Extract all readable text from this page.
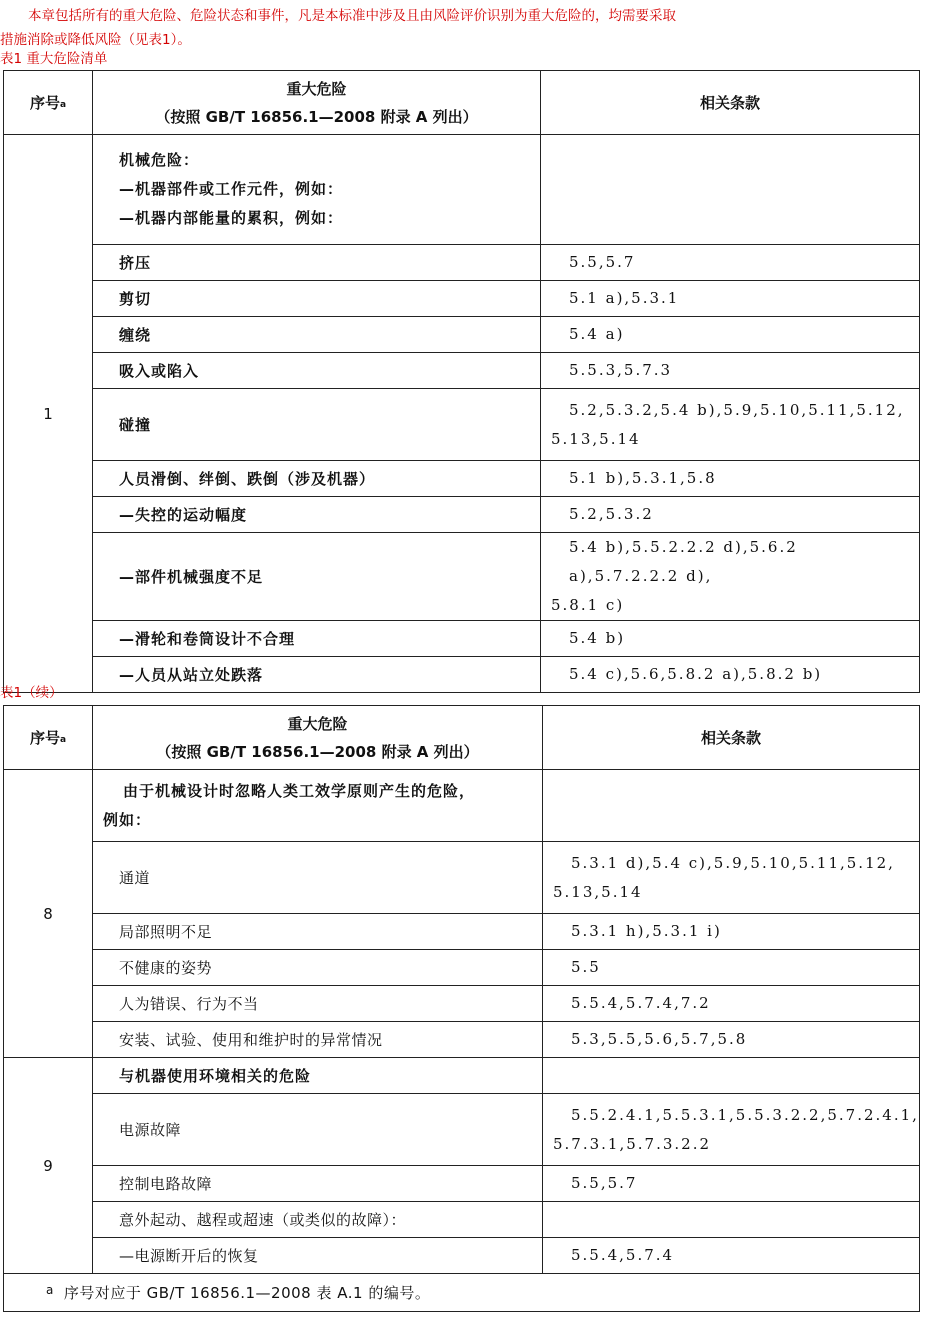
本章包括所有的重大危险、危险状态和事件，凡是本标准中涉及且由风险评价识别为重大危险的，均需要采取

措施消除或降低风险（见表1）。

表1 重大危险清单
序号$^a$	重大危险
（按照 GB/T 16856.1—2008 附录 A 列出）	相关条款
1	机械危险：
—机器部件或工作元件，例如：
—机器内部能量的累积，例如：	

	挤压	5.5,5.7
	剪切	5.1 a),5.3.1
	缠绕	5.4 a)
	吸入或陷入	5.5.3,5.7.3
	碰撞	5.2,5.3.2,5.4 b),5.9,5.10,5.11,5.12,
5.13,5.14

	人员滑倒、绊倒、跌倒（涉及机器）	5.1 b),5.3.1,5.8
	—失控的运动幅度	5.2,5.3.2
	—部件机械强度不足	5.4 b),5.5.2.2.2 d),5.6.2 a),5.7.2.2.2 d),
5.8.1 c)

	—滑轮和卷筒设计不合理	5.4 b)
	—人员从站立处跌落	5.4 c),5.6,5.8.2 a),5.8.2 b)
表1（续）
序号$^a$	重大危险
（按照 GB/T 16856.1—2008 附录 A 列出）	相关条款
8	由于机械设计时忽略人类工效学原则产生的危险，
例如：	

	通道	5.3.1 d),5.4 c),5.9,5.10,5.11,5.12,
5.13,5.14

	局部照明不足	5.3.1 h),5.3.1 i)
	不健康的姿势	5.5
	人为错误、行为不当	5.5.4,5.7.4,7.2
	安装、试验、使用和维护时的异常情况	5.3,5.5,5.6,5.7,5.8
9	与机器使用环境相关的危险	
	电源故障	5.5.2.4.1,5.5.3.1,5.5.3.2.2,5.7.2.4.1,
5.7.3.1,5.7.3.2.2

	控制电路故障	5.5,5.7
	意外起动、越程或超速（或类似的故障）：	
	—电源断开后的恢复	5.5.4,5.7.4
$^a$ 序号对应于 GB/T 16856.1—2008 表 A.1 的编号。		
